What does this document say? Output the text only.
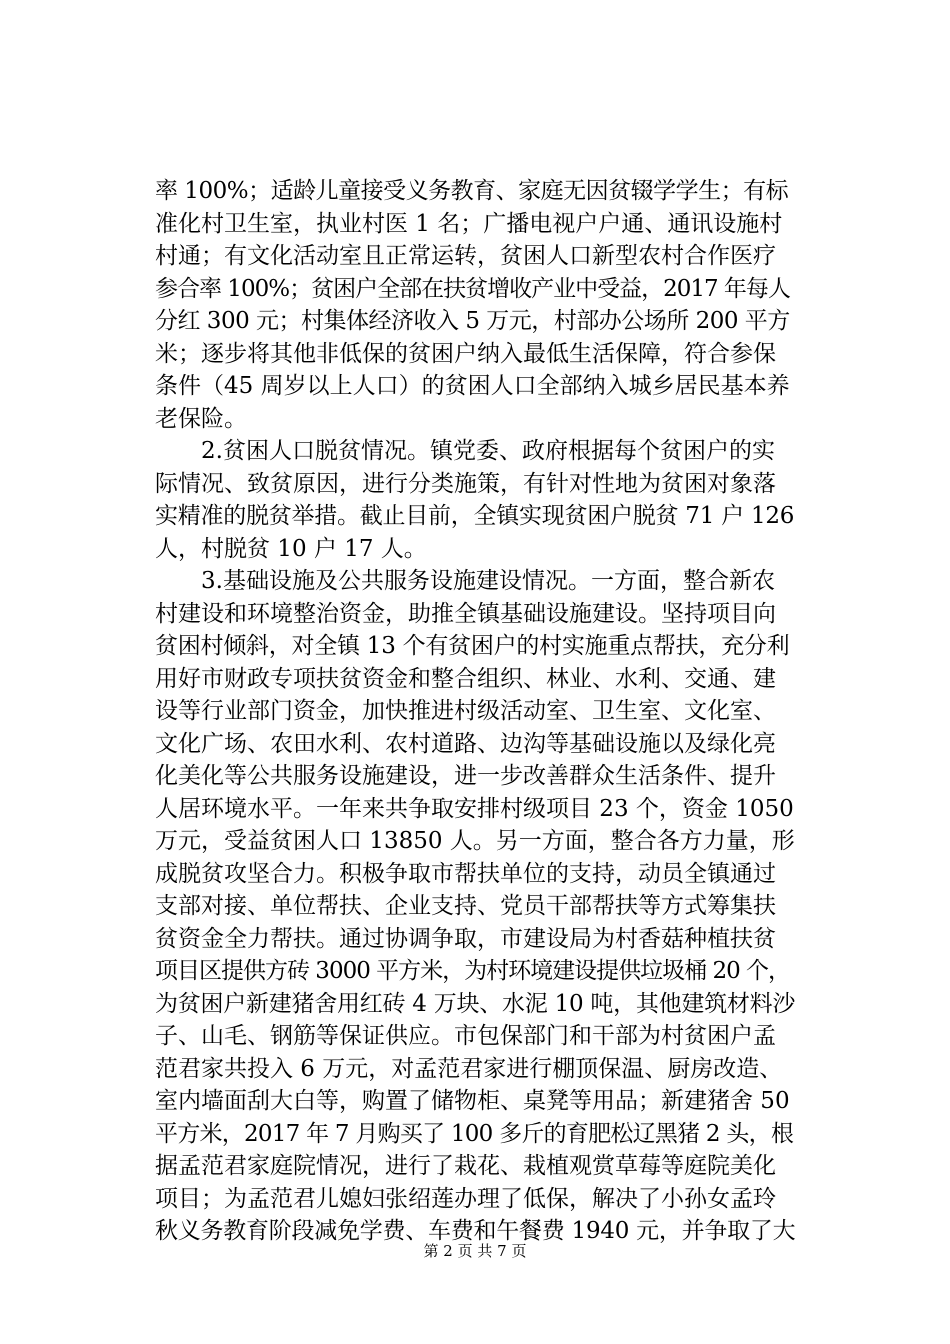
率 100%；适龄儿童接受义务教育、家庭无因贫辍学学生；有标
准化村卫生室，执业村医 1 名；广播电视户户通、通讯设施村
村通；有文化活动室且正常运转，贫困人口新型农村合作医疗
参合率 100%；贫困户全部在扶贫增收产业中受益，2017 年每人
分红 300 元；村集体经济收入 5 万元，村部办公场所 200 平方
米；逐步将其他非低保的贫困户纳入最低生活保障，符合参保
条件（45 周岁以上人口）的贫困人口全部纳入城乡居民基本养
老保险。
　　2.贫困人口脱贫情况。镇党委、政府根据每个贫困户的实
际情况、致贫原因，进行分类施策，有针对性地为贫困对象落
实精准的脱贫举措。截止目前，全镇实现贫困户脱贫 71 户 126
人，村脱贫 10 户 17 人。
　　3.基础设施及公共服务设施建设情况。一方面，整合新农
村建设和环境整治资金，助推全镇基础设施建设。坚持项目向
贫困村倾斜，对全镇 13 个有贫困户的村实施重点帮扶，充分利
用好市财政专项扶贫资金和整合组织、林业、水利、交通、建
设等行业部门资金，加快推进村级活动室、卫生室、文化室、
文化广场、农田水利、农村道路、边沟等基础设施以及绿化亮
化美化等公共服务设施建设，进一步改善群众生活条件、提升
人居环境水平。一年来共争取安排村级项目 23 个，资金 1050
万元，受益贫困人口 13850 人。另一方面，整合各方力量，形
成脱贫攻坚合力。积极争取市帮扶单位的支持，动员全镇通过
支部对接、单位帮扶、企业支持、党员干部帮扶等方式筹集扶
贫资金全力帮扶。通过协调争取，市建设局为村香菇种植扶贫
项目区提供方砖 3000 平方米，为村环境建设提供垃圾桶 20 个，
为贫困户新建猪舍用红砖 4 万块、水泥 10 吨，其他建筑材料沙
子、山毛、钢筋等保证供应。市包保部门和干部为村贫困户孟
范君家共投入 6 万元，对孟范君家进行棚顶保温、厨房改造、
室内墙面刮大白等，购置了储物柜、桌凳等用品；新建猪舍 50
平方米，2017 年 7 月购买了 100 多斤的育肥松辽黑猪 2 头，根
据孟范君家庭院情况，进行了栽花、栽植观赏草莓等庭院美化
项目；为孟范君儿媳妇张绍莲办理了低保，解决了小孙女孟玲
秋义务教育阶段减免学费、车费和午餐费 1940 元，并争取了大
第 2 页 共 7 页
